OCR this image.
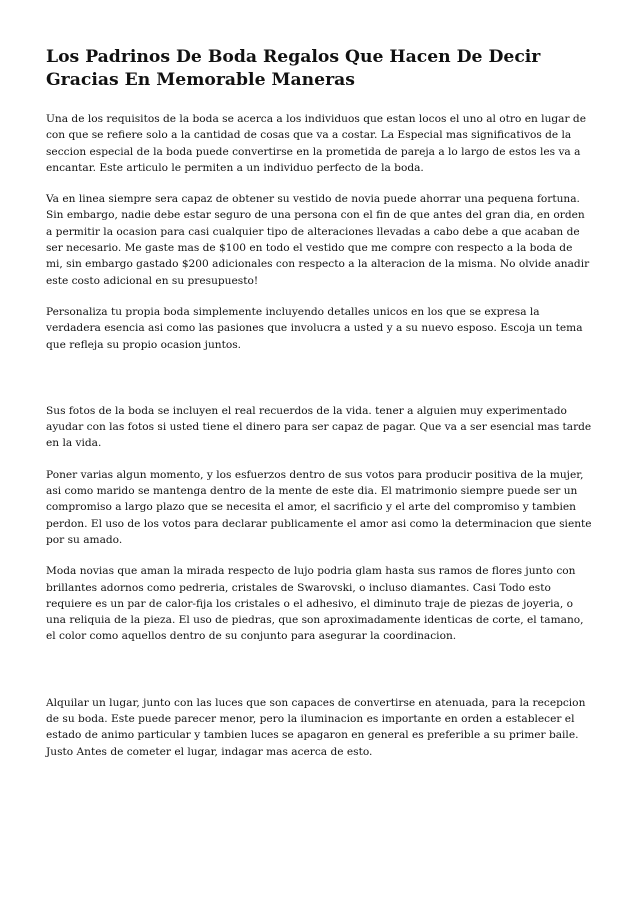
Los Padrinos De Boda Regalos Que Hacen De Decir Gracias En Memorable Maneras

Una de los requisitos de la boda se acerca a los individuos que estan locos el uno al otro en lugar de con que se refiere solo a la cantidad de cosas que va a costar. La Especial mas significativos de la seccion especial de la boda puede convertirse en la prometida de pareja a lo largo de estos les va a encantar. Este articulo le permiten a un individuo perfecto de la boda.

Va en linea siempre sera capaz de obtener su vestido de novia puede ahorrar una pequena fortuna. Sin embargo, nadie debe estar seguro de una persona con el fin de que antes del gran dia, en orden a permitir la ocasion para casi cualquier tipo de alteraciones llevadas a cabo debe a que acaban de ser necesario. Me gaste mas de $100 en todo el vestido que me compre con respecto a la boda de mi, sin embargo gastado $200 adicionales con respecto a la alteracion de la misma. No olvide anadir este costo adicional en su presupuesto!

Personaliza tu propia boda simplemente incluyendo detalles unicos en los que se expresa la verdadera esencia asi como las pasiones que involucra a usted y a su nuevo esposo. Escoja un tema que refleja su propio ocasion juntos.

Sus fotos de la boda se incluyen el real recuerdos de la vida. tener a alguien muy experimentado ayudar con las fotos si usted tiene el dinero para ser capaz de pagar. Que va a ser esencial mas tarde en la vida.

Poner varias algun momento, y los esfuerzos dentro de sus votos para producir positiva de la mujer, asi como marido se mantenga dentro de la mente de este dia. El matrimonio siempre puede ser un compromiso a largo plazo que se necesita el amor, el sacrificio y el arte del compromiso y tambien perdon. El uso de los votos para declarar publicamente el amor asi como la determinacion que siente por su amado.

Moda novias que aman la mirada respecto de lujo podria glam hasta sus ramos de flores junto con brillantes adornos como pedreria, cristales de Swarovski, o incluso diamantes. Casi Todo esto requiere es un par de calor-fija los cristales o el adhesivo, el diminuto traje de piezas de joyeria, o una reliquia de la pieza. El uso de piedras, que son aproximadamente identicas de corte, el tamano, el color como aquellos dentro de su conjunto para asegurar la coordinacion.

Alquilar un lugar, junto con las luces que son capaces de convertirse en atenuada, para la recepcion de su boda. Este puede parecer menor, pero la iluminacion es importante en orden a establecer el estado de animo particular y tambien luces se apagaron en general es preferible a su primer baile. Justo Antes de cometer el lugar, indagar mas acerca de esto.
